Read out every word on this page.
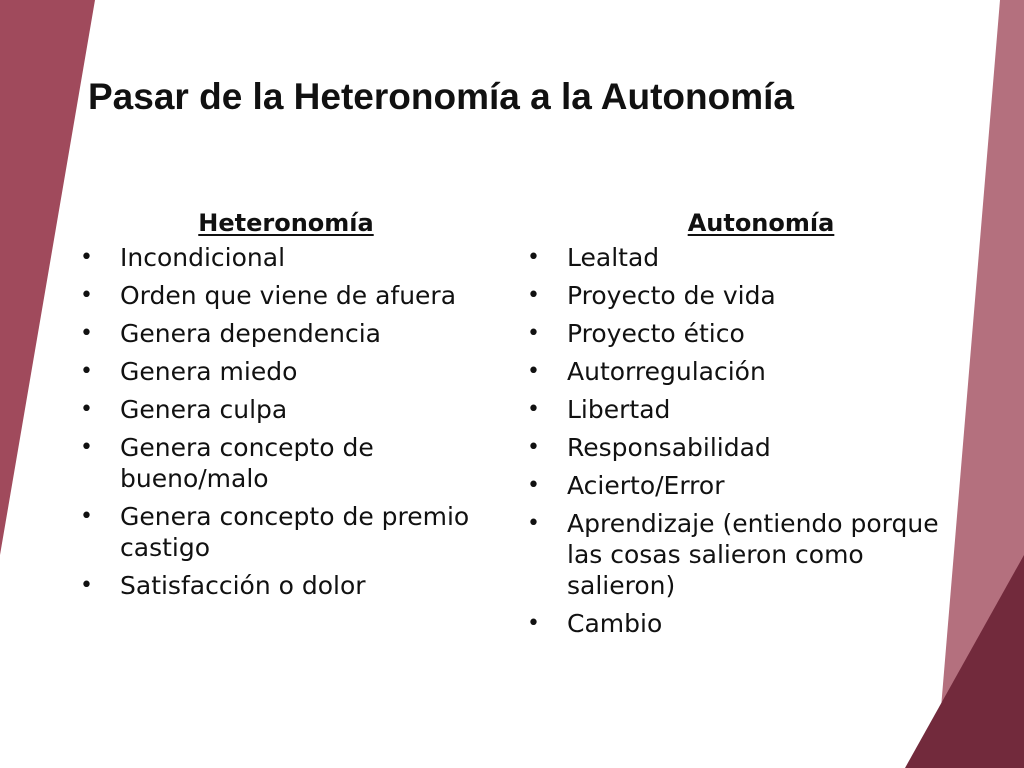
Pasar de la Heteronomía a la Autonomía
Heteronomía
• Incondicional
• Orden que viene de afuera
• Genera dependencia
• Genera miedo
• Genera culpa
• Genera concepto de bueno/malo
• Genera concepto de premio castigo
• Satisfacción o dolor
Autonomía
• Lealtad
• Proyecto de vida
• Proyecto ético
• Autorregulación
• Libertad
• Responsabilidad
• Acierto/Error
• Aprendizaje (entiendo porque las cosas salieron como salieron)
• Cambio
